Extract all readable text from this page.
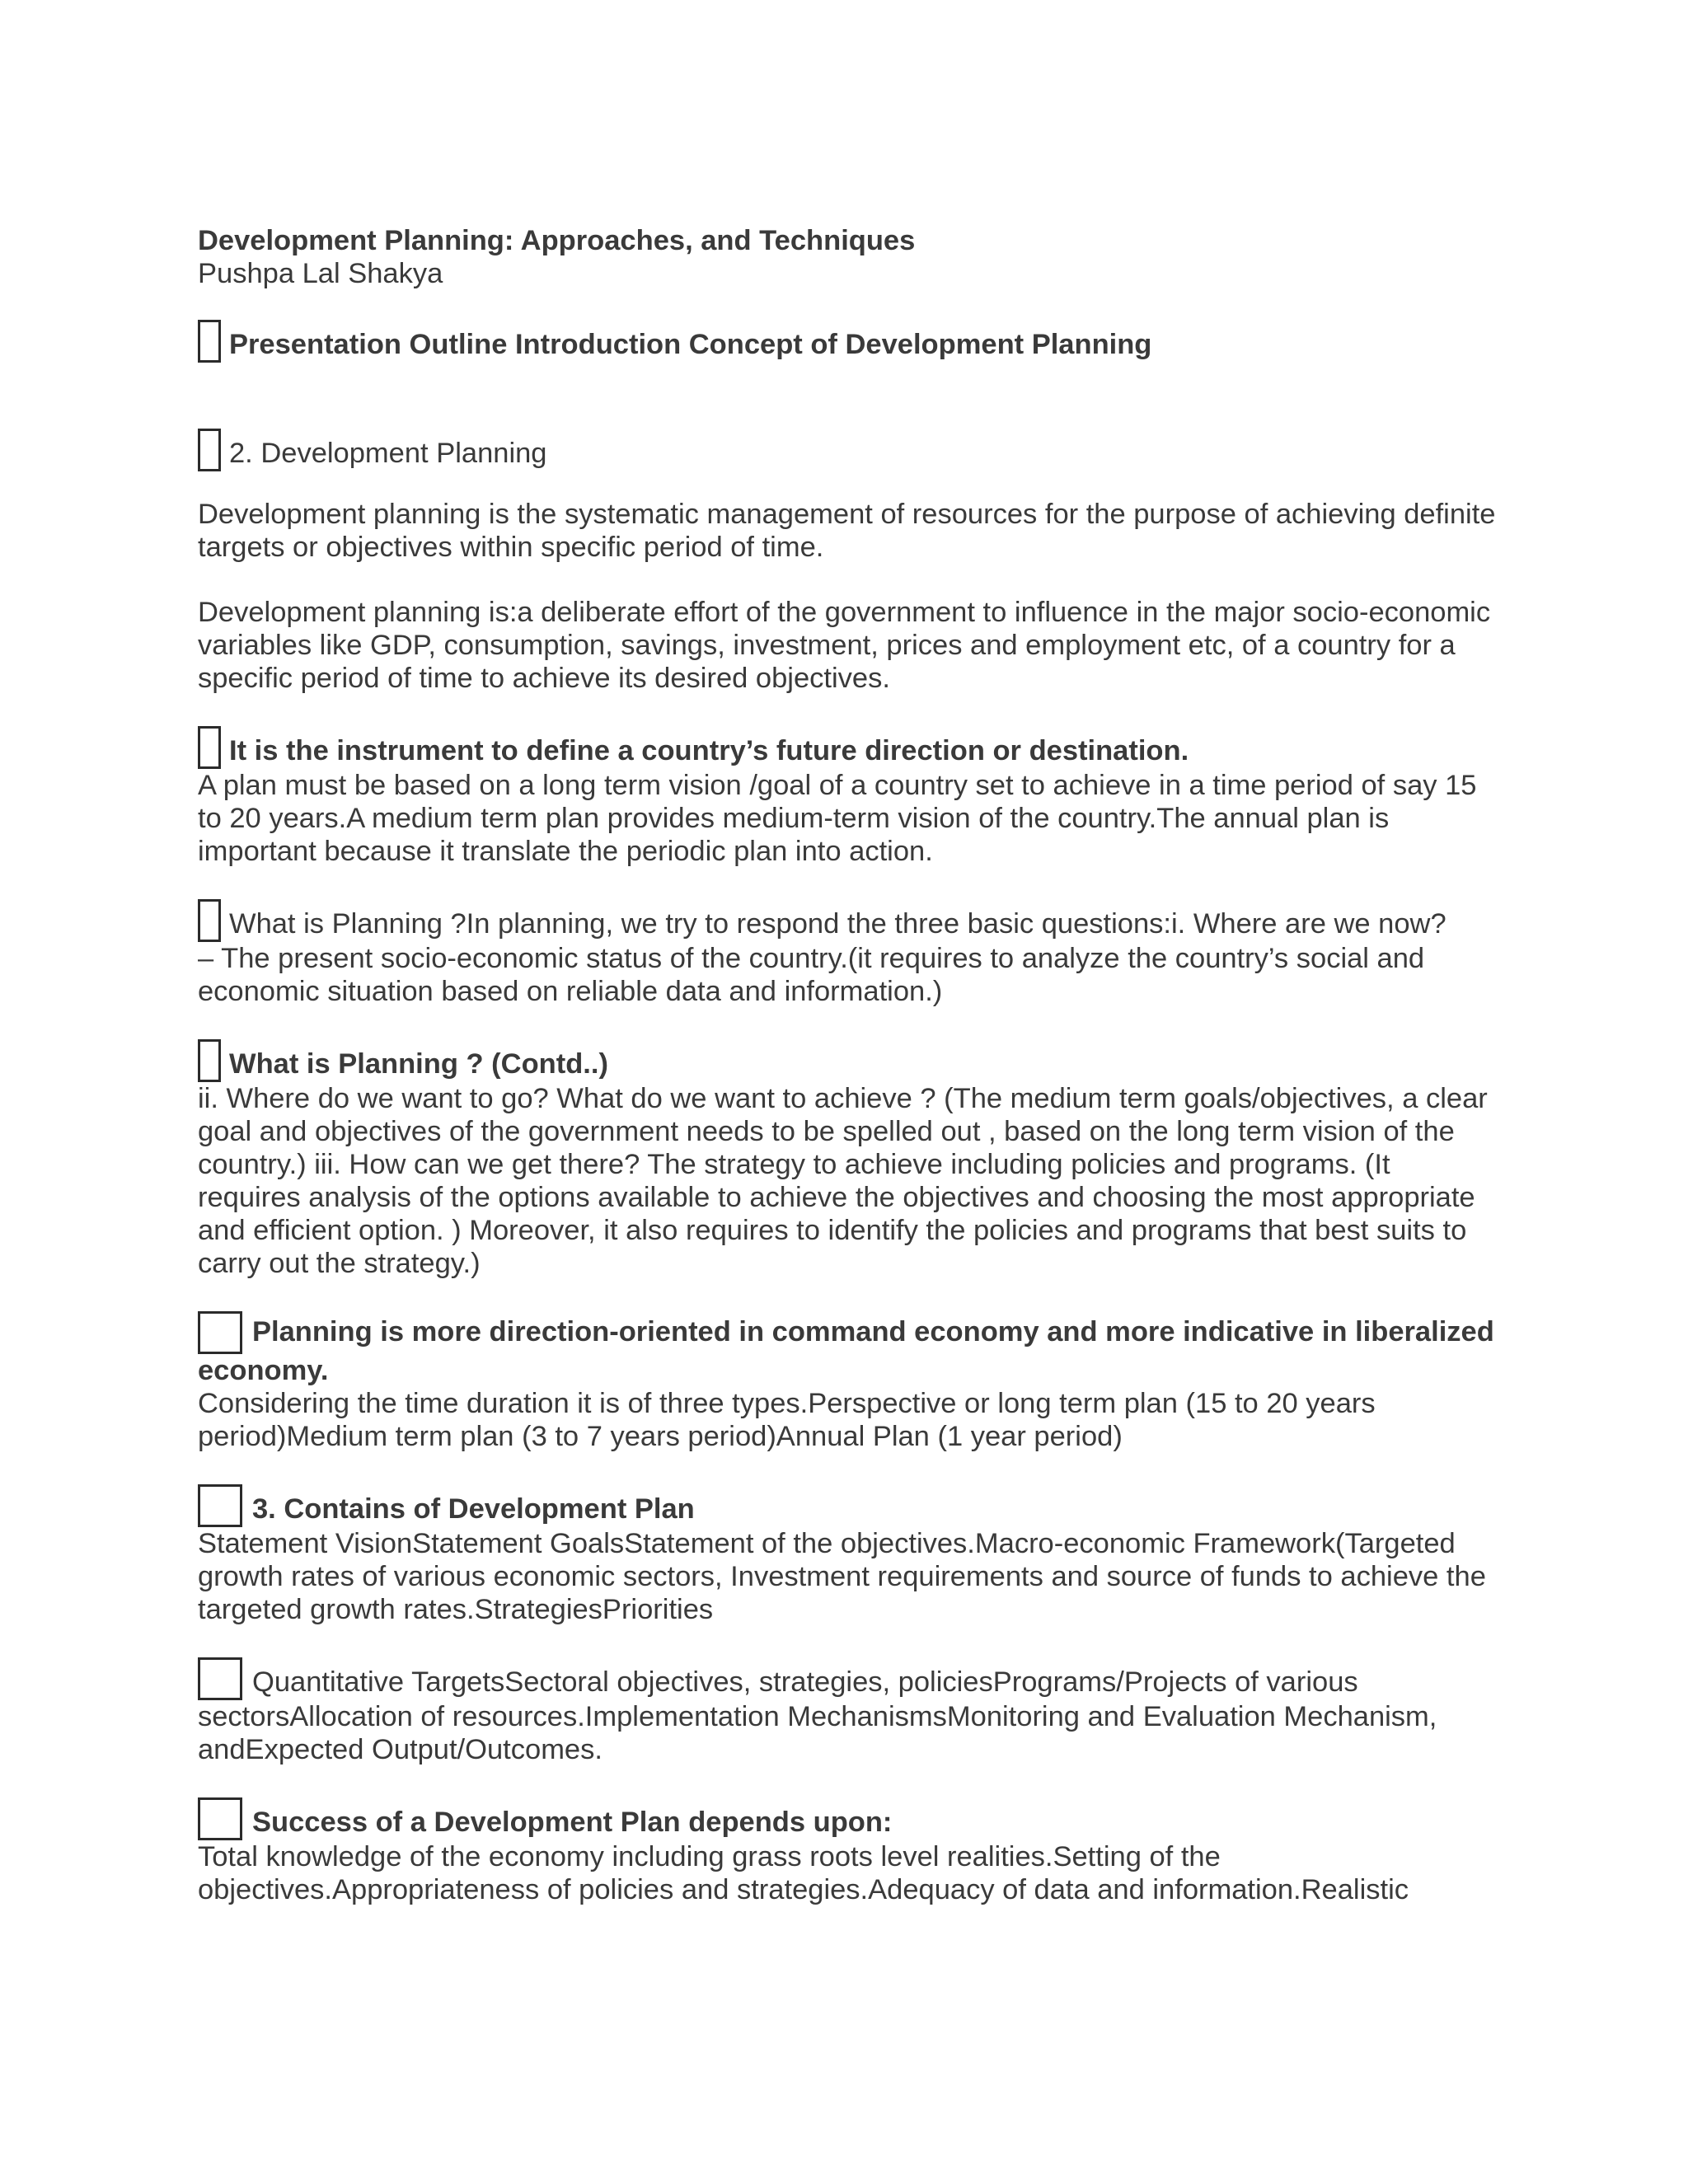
Development Planning: Approaches, and Techniques

Pushpa Lal Shakya

Presentation Outline Introduction Concept of Development Planning
2. Development Planning

Development planning is the systematic management of resources for the purpose of achieving definite targets or objectives within specific period of time.

Development planning is:a deliberate effort of the government to influence in the major socio-economic variables like GDP, consumption, savings, investment, prices and employment etc, of a country for a specific period of time to achieve its desired objectives.

It is the instrument to define a country’s future direction or destination.

A plan must be based on a long term vision /goal of a country set to achieve in a time period of say 15 to 20 years.A medium term plan provides medium-term vision of the country.The annual plan is important because it translate the periodic plan into action.

What is Planning ?In planning, we try to respond the three basic questions:i. Where are we now?

– The present socio-economic status of the country.(it requires to analyze the country’s social and economic situation based on reliable data and information.)

What is Planning ? (Contd..)

ii. Where do we want to go? What do we want to achieve ? (The medium term goals/objectives, a clear goal and objectives of the government needs to be spelled out , based on the long term vision of the country.) iii. How can we get there? The strategy to achieve including policies and programs. (It requires analysis of the options available to achieve the objectives and choosing the most appropriate and efficient option. ) Moreover, it also requires to identify the policies and programs that best suits to carry out the strategy.)

Planning is more direction-oriented in command economy and more indicative in liberalized economy.

Considering the time duration it is of three types.Perspective or long term plan (15 to 20 years period)Medium term plan (3 to 7 years period)Annual Plan (1 year period)

3. Contains of Development Plan

Statement VisionStatement GoalsStatement of the objectives.Macro-economic Framework(Targeted growth rates of various economic sectors, Investment requirements and source of funds to achieve the targeted growth rates.StrategiesPriorities

Quantitative TargetsSectoral objectives, strategies, policiesPrograms/Projects of various

sectorsAllocation of resources.Implementation MechanismsMonitoring and Evaluation Mechanism, andExpected Output/Outcomes.

Success of a Development Plan depends upon:

Total knowledge of the economy including grass roots level realities.Setting of the objectives.Appropriateness of policies and strategies.Adequacy of data and information.Realistic
